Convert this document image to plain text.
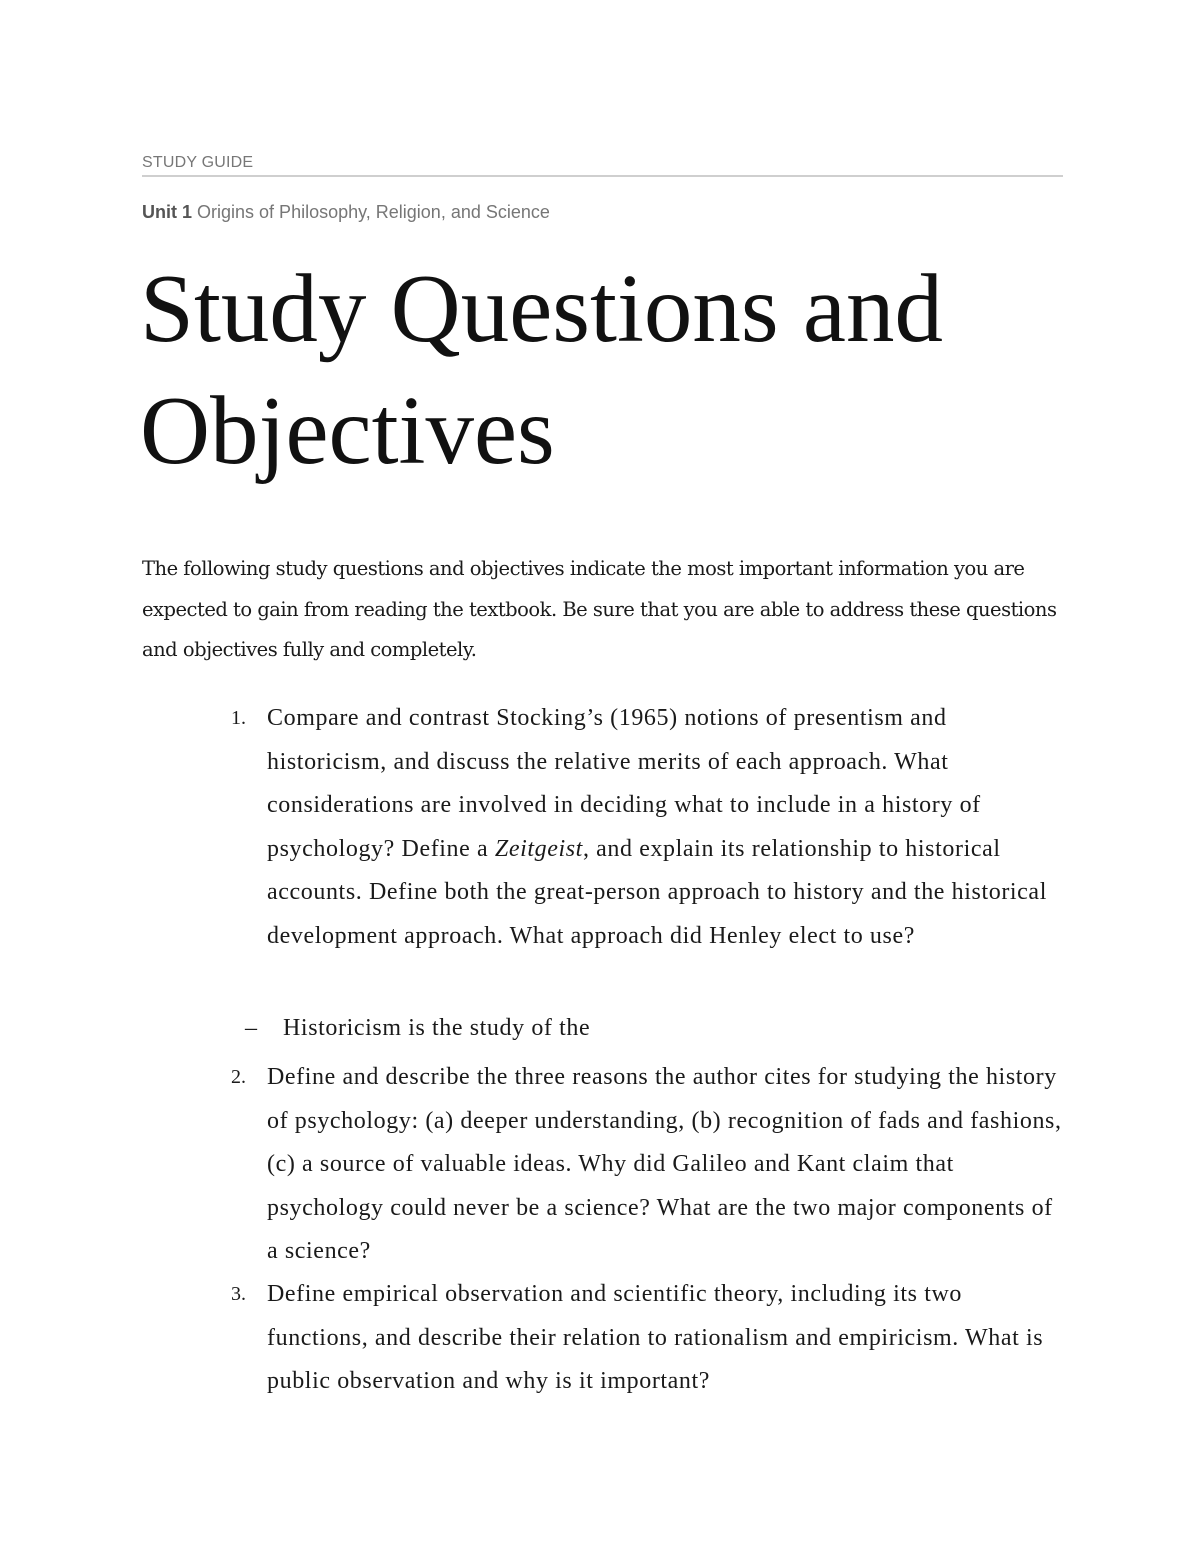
STUDY GUIDE
Unit 1 Origins of Philosophy, Religion, and Science
Study Questions and Objectives
The following study questions and objectives indicate the most important information you are expected to gain from reading the textbook. Be sure that you are able to address these questions and objectives fully and completely.
1. Compare and contrast Stocking’s (1965) notions of presentism and historicism, and discuss the relative merits of each approach. What considerations are involved in deciding what to include in a history of psychology? Define a Zeitgeist, and explain its relationship to historical accounts. Define both the great-person approach to history and the historical development approach. What approach did Henley elect to use?
– Historicism is the study of the
2. Define and describe the three reasons the author cites for studying the history of psychology: (a) deeper understanding, (b) recognition of fads and fashions, (c) a source of valuable ideas. Why did Galileo and Kant claim that psychology could never be a science? What are the two major components of a science?
3. Define empirical observation and scientific theory, including its two functions, and describe their relation to rationalism and empiricism. What is public observation and why is it important?
